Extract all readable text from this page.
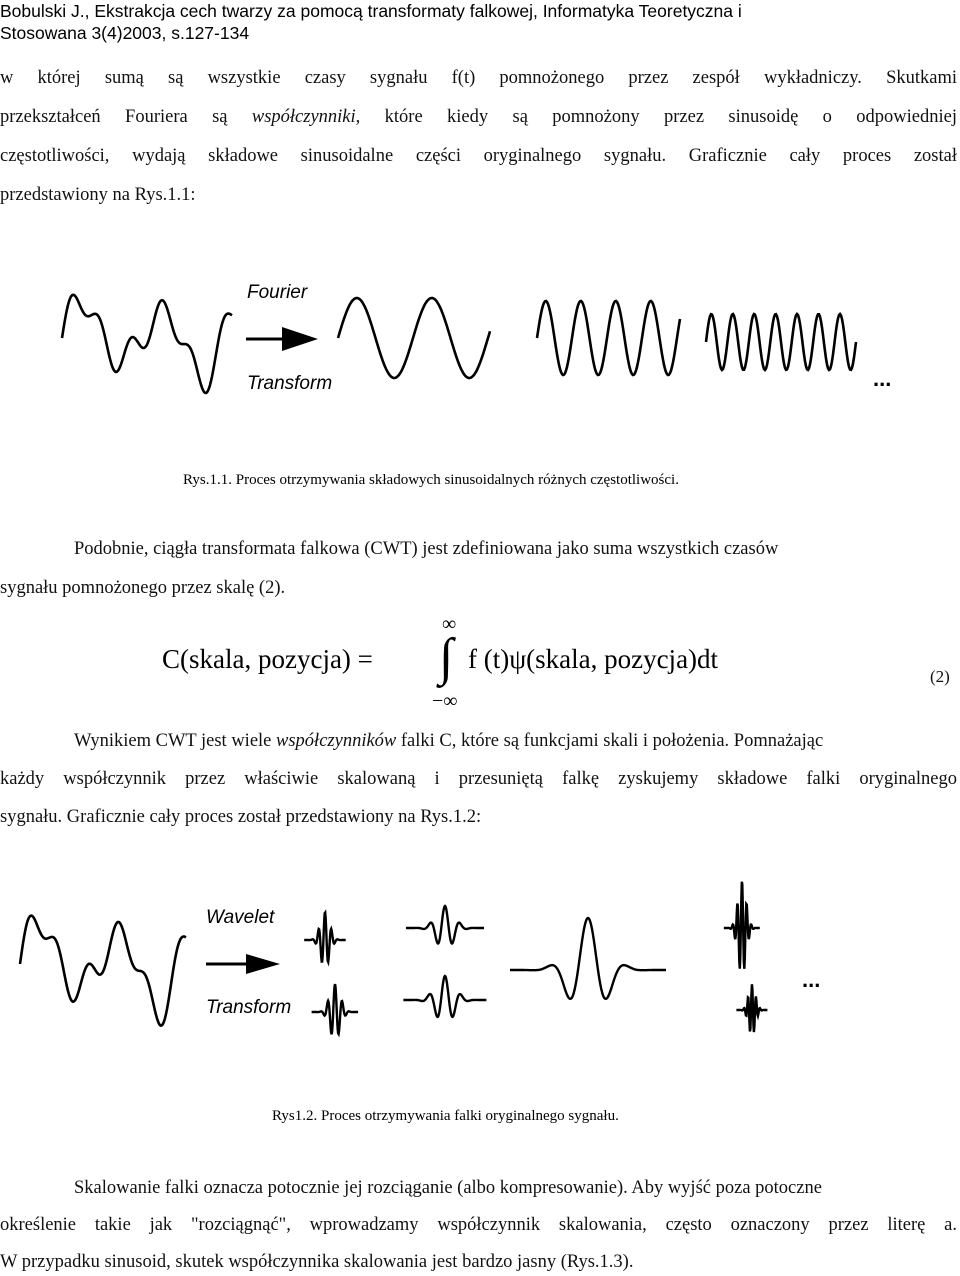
Bobulski J., Ekstrakcja cech twarzy za pomocą transformaty falkowej, Informatyka Teoretyczna i
Stosowana 3(4)2003, s.127-134
w której sumą są wszystkie czasy sygnału f(t) pomnożonego przez zespół wykładniczy. Skutkami
przekształceń Fouriera są współczynniki, które kiedy są pomnożony przez sinusoidę o odpowiedniej
częstotliwości, wydają składowe sinusoidalne części oryginalnego sygnału. Graficznie cały proces został
przedstawiony na Rys.1.1:
Fourier
Transform	...
Rys.1.1. Proces otrzymywania składowych sinusoidalnych różnych częstotliwości.
Podobnie, ciągła transformata falkowa (CWT) jest zdefiniowana jako suma wszystkich czasów
sygnału pomnożonego przez skalę (2).
C(skala, pozycja) =
∞
−∞
∫ f (t)ψ(skala, pozycja)dt
(2)
Wynikiem CWT jest wiele współczynników falki C, które są funkcjami skali i położenia. Pomnażając
każdy współczynnik przez właściwie skalowaną i przesuniętą falkę zyskujemy składowe falki oryginalnego
sygnału. Graficznie cały proces został przedstawiony na Rys.1.2:
Wavelet
Transform
...
Rys1.2. Proces otrzymywania falki oryginalnego sygnału.
Skalowanie falki oznacza potocznie jej rozciąganie (albo kompresowanie). Aby wyjść poza potoczne
określenie takie jak "rozciągnąć", wprowadzamy współczynnik skalowania, często oznaczony przez literę a.
W przypadku sinusoid, skutek współczynnika skalowania jest bardzo jasny (Rys.1.3).
